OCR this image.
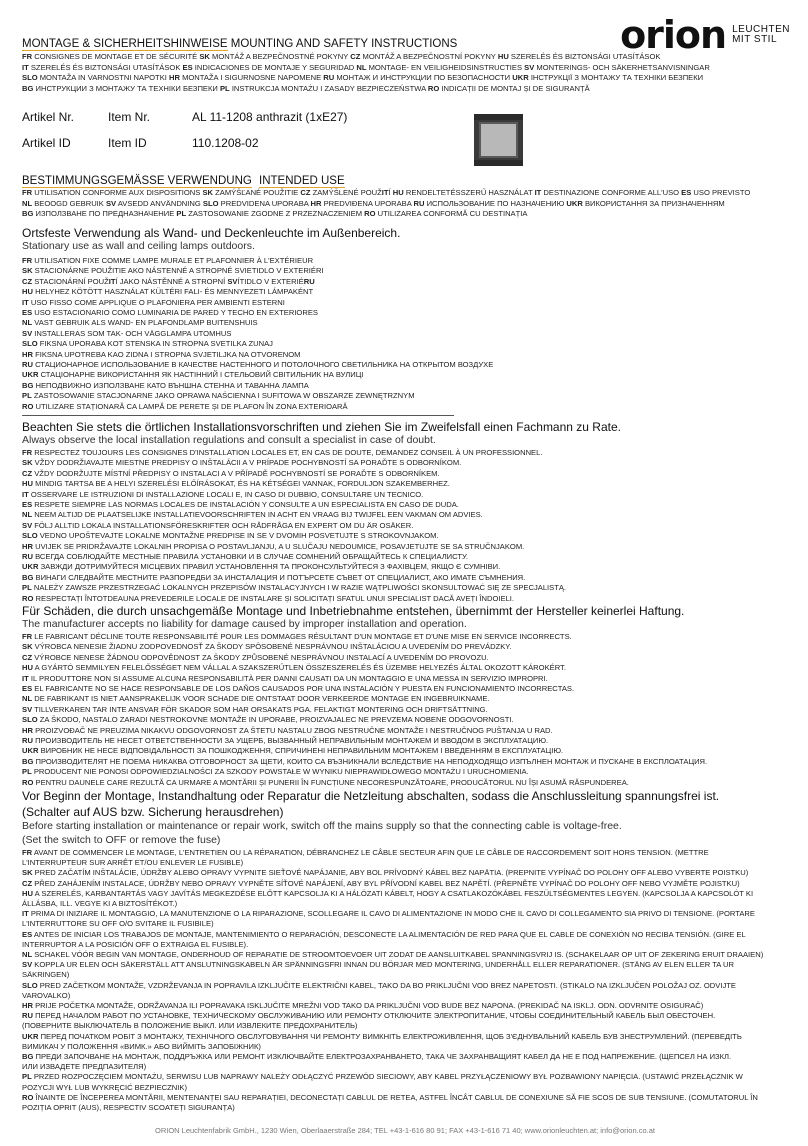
orion LEUCHTEN
MIT STIL
MONTAGE & SICHERHEITSHINWEISE MOUNTING AND SAFETY INSTRUCTIONS
FR CONSIGNES DE MONTAGE ET DE SÉCURITÉ SK MONTÁŽ A BEZPEČNOSTNÉ POKYNY CZ MONTÁŽ A BEZPEČNOSTNÍ POKYNY HU SZERELÉS ÉS BIZTONSÁGI UTASÍTÁSOK
IT SZERELÉS ÉS BIZTONSÁGI UTASÍTÁSOK ES INDICACIONES DE MONTAJE Y SEGURIDAD NL MONTAGE- EN VEILIGHEIDSINSTRUCTIES SV MONTERINGS- OCH SÄKERHETSANVISNINGAR
SLO MONTAŽA IN VARNOSTNI NAPOTKI HR MONTAŽA I SIGURNOSNE NAPOMENE RU МОНТАЖ И ИНСТРУКЦИИ ПО БЕЗОПАСНОСТИ UKR ІНСТРУКЦІЇ З МОНТАЖУ ТА ТЕХНІКИ БЕЗПЕКИ
BG ИНСТРУКЦИИ З МОНТАЖУ ТА ТЕХНІКИ БЕЗПЕКИ PL INSTRUKCJA MONTAŻU I ZASADY BEZPIECZEŃSTWA RO INDICAȚII DE MONTAJ ȘI DE SIGURANȚĂ
Artikel Nr.	Item Nr.	AL 11-1208 anthrazit (1xE27)
Artikel ID	Item ID	110.1208-02
BESTIMMUNGSGEMÄSSE VERWENDUNG INTENDED USE
FR UTILISATION CONFORME AUX DISPOSITIONS SK ZAMÝŠĽANÉ POUŽITIE CZ ZAMÝŠLENÉ POUŽITÍ HU RENDELTETÉSSZERŰ HASZNÁLAT IT DESTINAZIONE CONFORME ALL'USO ES USO PREVISTO
NL BEOOGD GEBRUIK SV AVSEDD ANVÄNDNING SLO PREDVIDENA UPORABA HR PREDVIĐENA UPORABA RU ИСПОЛЬЗОВАНИЕ ПО НАЗНАЧЕНИЮ UKR ВИКОРИСТАННЯ ЗА ПРИЗНАЧЕННЯМ
BG ИЗПОЛЗВАНЕ ПО ПРЕДНАЗНАЧЕНИЕ PL ZASTOSOWANIE ZGODNE Z PRZEZNACZENIEM RO UTILIZAREA CONFORMĂ CU DESTINAȚIA
Ortsfeste Verwendung als Wand- und Deckenleuchte im Außenbereich.
Stationary use as wall and ceiling lamps outdoors.
FR UTILISATION FIXE COMME LAMPE MURALE ET PLAFONNIER À L'EXTÉRIEUR
SK STACIONÁRNE POUŽITIE AKO NÁSTENNÉ A STROPNÉ SVIETIDLO V EXTERIÉRI
CZ STACIONÁRNÍ POUŽITÍ JAKO NÁSTĚNNÉ A STROPNÍ SVÍTIDLO V EXTERIÉRU
HU HELYHEZ KÖTÖTT HASZNÁLAT KÜLTÉRI FALI- ÉS MENNYEZETI LÁMPAKÉNT
IT USO FISSO COME APPLIQUE O PLAFONIERA PER AMBIENTI ESTERNI
ES USO ESTACIONARIO COMO LUMINARIA DE PARED Y TECHO EN EXTERIORES
NL VAST GEBRUIK ALS WAND- EN PLAFONDLAMP BUITENSHUIS
SV INSTALLERAS SOM TAK- OCH VÄGGLAMPA UTOMHUS
SLO FIKSNA UPORABA KOT STENSKA IN STROPNA SVETILKA ZUNAJ
HR FIKSNA UPOTREBA KAO ZIDNA I STROPNA SVJETILJKA NA OTVORENOM
RU СТАЦИОНАРНОЕ ИСПОЛЬЗОВАНИЕ В КАЧЕСТВЕ НАСТЕННОГО И ПОТОЛОЧНОГО СВЕТИЛЬНИКА НА ОТКРЫТОМ ВОЗДУХЕ
UKR СТАЦІОНАРНЕ ВИКОРИСТАННЯ ЯК НАСТІННИЙ І СТЕЛЬОВИЙ СВІТИЛЬНИК НА ВУЛИЦІ
BG НЕПОДВИЖНО ИЗПОЛЗВАНЕ КАТО ВЪНШНА СТЕННА И ТАВАННА ЛАМПА
PL ZASTOSOWANIE STACJONARNE JAKO OPRAWA NAŚCIENNA I SUFITOWA W OBSZARZE ZEWNĘTRZNYM
RO UTILIZARE STAȚIONARĂ CA LAMPĂ DE PERETE ȘI DE PLAFON ÎN ZONA EXTERIOARĂ
Beachten Sie stets die örtlichen Installationsvorschriften und ziehen Sie im Zweifelsfall einen Fachmann zu Rate.
Always observe the local installation regulations and consult a specialist in case of doubt.
FR RESPECTEZ TOUJOURS LES CONSIGNES D'INSTALLATION LOCALES ET, EN CAS DE DOUTE, DEMANDEZ CONSEIL À UN PROFESSIONNEL.
SK VŽDY DODRŽIAVAJTE MIESTNE PREDPISY O INŠTALÁCII A V PRÍPADE POCHYBNOSTÍ SA PORAĎTE S ODBORNÍKOM.
CZ VŽDY DODRŽUJTE MÍSTNÍ PŘEDPISY O INSTALACI A V PŘÍPADĚ POCHYBNOSTÍ SE PORAĎTE S ODBORNÍKEM.
HU MINDIG TARTSA BE A HELYI SZERELÉSI ELŐÍRÁSOKAT, ÉS HA KÉTSÉGEI VANNAK, FORDULJON SZAKEMBERHEZ.
IT OSSERVARE LE ISTRUZIONI DI INSTALLAZIONE LOCALI E, IN CASO DI DUBBIO, CONSULTARE UN TECNICO.
ES RESPETE SIEMPRE LAS NORMAS LOCALES DE INSTALACIÓN Y CONSULTE A UN ESPECIALISTA EN CASO DE DUDA.
NL NEEM ALTIJD DE PLAATSELIJKE INSTALLATIEVOORSCHRIFTEN IN ACHT EN VRAAG BIJ TWIJFEL EEN VAKMAN OM ADVIES.
SV FÖLJ ALLTID LOKALA INSTALLATIONSFÖRESKRIFTER OCH RÅDFRÅGA EN EXPERT OM DU ÄR OSÄKER.
SLO VEDNO UPOŠTEVAJTE LOKALNE MONTAŽNE PREDPISE IN SE V DVOMIH POSVETUJTE S STROKOVNJAKOM.
HR UVIJEK SE PRIDRŽAVAJTE LOKALNIH PROPISA O POSTAVLJANJU, A U SLUČAJU NEDOUMICE, POSAVJETUJTE SE SA STRUČNJAKOM.
RU ВСЕГДА СОБЛЮДАЙТЕ МЕСТНЫЕ ПРАВИЛА УСТАНОВКИ И В СЛУЧАЕ СОМНЕНИЙ ОБРАЩАЙТЕСЬ К СПЕЦИАЛИСТУ.
UKR ЗАВЖДИ ДОТРИМУЙТЕСЯ МІСЦЕВИХ ПРАВИЛ УСТАНОВЛЕННЯ ТА ПРОКОНСУЛЬТУЙТЕСЯ З ФАХІВЦЕМ, ЯКЩО Є СУМНІВИ.
BG ВИНАГИ СЛЕДВАЙТЕ МЕСТНИТЕ РАЗПОРЕДБИ ЗА ИНСТАЛАЦИЯ И ПОТЪРСЕТЕ СЪВЕТ ОТ СПЕЦИАЛИСТ, АКО ИМАТЕ СЪМНЕНИЯ.
PL NALEŻY ZAWSZE PRZESTRZEGAĆ LOKALNYCH PRZEPISÓW INSTALACYJNYCH I W RAZIE WĄTPLIWOŚCI SKONSULTOWAĆ SIĘ ZE SPECJALISTĄ.
RO RESPECTAȚI ÎNTOTDEAUNA PREVEDERILE LOCALE DE INSTALARE ȘI SOLICITAȚI SFATUL UNUI SPECIALIST DACĂ AVEȚI ÎNDOIELI.
Für Schäden, die durch unsachgemäße Montage und Inbetriebnahme entstehen, übernimmt der Hersteller keinerlei Haftung.
The manufacturer accepts no liability for damage caused by improper installation and operation.
FR LE FABRICANT DÉCLINE TOUTE RESPONSABILITÉ POUR LES DOMMAGES RÉSULTANT D'UN MONTAGE ET D'UNE MISE EN SERVICE INCORRECTS.
SK VÝROBCA NENESIE ŽIADNU ZODPOVEDNOSŤ ZA ŠKODY SPÔSOBENÉ NESPRÁVNOU INŠTALÁCIOU A UVEDENÍM DO PREVÁDZKY.
CZ VÝROBCE NENESE ŽÁDNOU ODPOVĚDNOST ZA ŠKODY ZPŮSOBENÉ NESPRÁVNOU INSTALACÍ A UVEDENÍM DO PROVOZU.
HU A GYÁRTÓ SEMMILYEN FELELŐSSÉGET NEM VÁLLAL A SZAKSZERŰTLEN ÖSSZESZERELÉS ÉS ÜZEMBE HELYEZÉS ÁLTAL OKOZOTT KÁROKÉRT.
IT IL PRODUTTORE NON SI ASSUME ALCUNA RESPONSABILITÀ PER DANNI CAUSATI DA UN MONTAGGIO E UNA MESSA IN SERVIZIO IMPROPRI.
ES EL FABRICANTE NO SE HACE RESPONSABLE DE LOS DAÑOS CAUSADOS POR UNA INSTALACIÓN Y PUESTA EN FUNCIONAMIENTO INCORRECTAS.
NL DE FABRIKANT IS NIET AANSPRAKELIJK VOOR SCHADE DIE ONTSTAAT DOOR VERKEERDE MONTAGE EN INGEBRUIKNAME.
SV TILLVERKAREN TAR INTE ANSVAR FÖR SKADOR SOM HAR ORSAKATS PGA. FELAKTIGT MONTERING OCH DRIFTSÄTTNING.
SLO ZA ŠKODO, NASTALO ZARADI NESTROKOVNE MONTAŽE IN UPORABE, PROIZVAJALEC NE PREVZEMA NOBENE ODGOVORNOSTI.
HR PROIZVOĐAČ NE PREUZIMA NIKAKVU ODGOVORNOST ZA ŠTETU NASTALU ZBOG NESTRUČNE MONTAŽE I NESTRUČNOG PUŠTANJA U RAD.
RU ПРОИЗВОДИТЕЛЬ НЕ НЕСЕТ ОТВЕТСТВЕННОСТИ ЗА УЩЕРБ, ВЫЗВАННЫЙ НЕПРАВИЛЬНЫМ МОНТАЖЕМ И ВВОДОМ В ЭКСПЛУАТАЦИЮ.
UKR ВИРОБНИК НЕ НЕСЕ ВІДПОВІДАЛЬНОСТІ ЗА ПОШКОДЖЕННЯ, СПРИЧИНЕНІ НЕПРАВИЛЬНИМ МОНТАЖЕМ І ВВЕДЕННЯМ В ЕКСПЛУАТАЦІЮ.
BG ПРОИЗВОДИТЕЛЯТ НЕ ПОЕМА НИКАКВА ОТГОВОРНОСТ ЗА ЩЕТИ, КОИТО СА ВЪЗНИКНАЛИ ВСЛЕДСТВИЕ НА НЕПОДХОДЯЩО ИЗПЪЛНЕН МОНТАЖ И ПУСКАНЕ В ЕКСПЛОАТАЦИЯ.
PL PRODUCENT NIE PONOSI ODPOWIEDZIALNOŚCI ZA SZKODY POWSTAŁE W WYNIKU NIEPRAWIDŁOWEGO MONTAŻU I URUCHOMIENIA.
RO PENTRU DAUNELE CARE REZULTĂ CA URMARE A MONTĂRII ȘI PUNERII ÎN FUNCȚIUNE NECORESPUNZĂTOARE, PRODUCĂTORUL NU ÎȘI ASUMĂ RĂSPUNDEREA.
Vor Beginn der Montage, Instandhaltung oder Reparatur die Netzleitung abschalten, sodass die Anschlussleitung spannungsfrei ist.
(Schalter auf AUS bzw. Sicherung herausdrehen)
Before starting installation or maintenance or repair work, switch off the mains supply so that the connecting cable is voltage-free.
(Set the switch to OFF or remove the fuse)
FR AVANT DE COMMENCER LE MONTAGE, L'ENTRETIEN OU LA RÉPARATION, DÉBRANCHEZ LE CÂBLE SECTEUR AFIN QUE LE CÂBLE DE RACCORDEMENT SOIT HORS TENSION. (METTRE
L'INTERRUPTEUR SUR ARRÊT ET/OU ENLEVER LE FUSIBLE)
SK PRED ZAČATÍM INŠTALÁCIE, ÚDRŽBY ALEBO OPRAVY VYPNITE SIEŤOVÉ NAPÁJANIE, ABY BOL PRÍVODNÝ KÁBEL BEZ NAPÄTIA. (PREPNITE VYPÍNAČ DO POLOHY OFF ALEBO VYBERTE POISTKU)
CZ PŘED ZAHÁJENÍM INSTALACE, ÚDRŽBY NEBO OPRAVY VYPNĚTE SÍŤOVÉ NAPÁJENÍ, ABY BYL PŘÍVODNÍ KABEL BEZ NAPĚTÍ. (PŘEPNĚTE VYPÍNAČ DO POLOHY OFF NEBO VYJMĚTE POJISTKU)
HU A SZERELÉS, KARBANTARTÁS VAGY JAVÍTÁS MEGKEZDÉSE ELŐTT KAPCSOLJA KI A HÁLÓZATI KÁBELT, HOGY A CSATLAKOZÓKÁBEL FESZÜLTSÉGMENTES LEGYEN. (KAPCSOLJA A KAPCSOLÓT KI
ÁLLÁSBA, ILL. VEGYE KI A BIZTOSÍTÉKOT.)
IT PRIMA DI INIZIARE IL MONTAGGIO, LA MANUTENZIONE O LA RIPARAZIONE, SCOLLEGARE IL CAVO DI ALIMENTAZIONE IN MODO CHE IL CAVO DI COLLEGAMENTO SIA PRIVO DI TENSIONE. (PORTARE
L'INTERRUTTORE SU OFF O/O SVITARE IL FUSIBILE)
ES ANTES DE INICIAR LOS TRABAJOS DE MONTAJE, MANTENIMIENTO O REPARACIÓN, DESCONECTE LA ALIMENTACIÓN DE RED PARA QUE EL CABLE DE CONEXIÓN NO RECIBA TENSIÓN. (GIRE EL
INTERRUPTOR A LA POSICIÓN OFF O EXTRAIGA EL FUSIBLE).
NL SCHAKEL VÓÓR BEGIN VAN MONTAGE, ONDERHOUD OF REPARATIE DE STROOMTOEVOER UIT ZODAT DE AANSLUITKABEL SPANNINGSVRIJ IS. (SCHAKELAAR OP UIT OF ZEKERING ERUIT DRAAIEN)
SV KOPPLA UR ELEN OCH SÄKERSTÄLL ATT ANSLUTNINGSKABELN ÄR SPÄNNINGSFRI INNAN DU BÖRJAR MED MONTERING, UNDERHÅLL ELLER REPARATIONER. (STÄNG AV ELEN ELLER TA UR
SÄKRINGEN)
SLO PRED ZAČETKOM MONTAŽE, VZDRŽEVANJA IN POPRAVILA IZKLJUČITE ELEKTRIČNI KABEL, TAKO DA BO PRIKLJUČNI VOD BREZ NAPETOSTI. (STIKALO NA IZKLJUČEN POLOŽAJ OZ. ODVIJTE
VAROVALKO)
HR PRIJE POČETKA MONTAŽE, ODRŽAVANJA ILI POPRAVAKA ISKLJUČITE MREŽNI VOD TAKO DA PRIKLJUČNI VOD BUDE BEZ NAPONA. (PREKIDAČ NA ISKLJ. ODN. ODVRNITE OSIGURAČ)
RU ПЕРЕД НАЧАЛОМ РАБОТ ПО УСТАНОВКЕ, ТЕХНИЧЕСКОМУ ОБСЛУЖИВАНИЮ ИЛИ РЕМОНТУ ОТКЛЮЧИТЕ ЭЛЕКТРОПИТАНИЕ, ЧТОБЫ СОЕДИНИТЕЛЬНЫЙ КАБЕЛЬ БЫЛ ОБЕСТОЧЕН.
(ПОВЕРНИТЕ ВЫКЛЮЧАТЕЛЬ В ПОЛОЖЕНИЕ ВЫКЛ. ИЛИ ИЗВЛЕКИТЕ ПРЕДОХРАНИТЕЛЬ)
UKR ПЕРЕД ПОЧАТКОМ РОБІТ З МОНТАЖУ, ТЕХНІЧНОГО ОБСЛУГОВУВАННЯ ЧИ РЕМОНТУ ВИМКНІТЬ ЕЛЕКТРОЖИВЛЕННЯ, ЩОБ З'ЄДНУВАЛЬНИЙ КАБЕЛЬ БУВ ЗНЕСТРУМЛЕНИЙ. (ПЕРЕВЕДІТЬ
ВИМИКАЧ У ПОЛОЖЕННЯ «ВИМК.» АБО ВИЙМІТЬ ЗАПОБІЖНИК)
BG ПРЕДИ ЗАПОЧВАНЕ НА МОНТАЖ, ПОДДРЪЖКА ИЛИ РЕМОНТ ИЗКЛЮЧВАЙТЕ ЕЛЕКТРОЗАХРАНВАНЕТО, ТАКА ЧЕ ЗАХРАНВАЩИЯТ КАБЕЛ ДА НЕ Е ПОД НАПРЕЖЕНИЕ. (ЩЕПСЕЛ НА ИЗКЛ.
ИЛИ ИЗВАДЕТЕ ПРЕДПАЗИТЕЛЯ)
PL PRZED ROZPOCZĘCIEM MONTAŻU, SERWISU LUB NAPRAWY NALEŻY ODŁĄCZYĆ PRZEWÓD SIECIOWY, ABY KABEL PRZYŁĄCZENIOWY BYŁ POZBAWIONY NAPIĘCIA. (USTAWIĆ PRZEŁĄCZNIK W
POZYCJI WYŁ LUB WYKRĘCIĆ BEZPIECZNIK)
RO ÎNAINTE DE ÎNCEPEREA MONTĂRII, MENTENANȚEI SAU REPARAȚIEI, DECONECTAȚI CABLUL DE RETEA, ASTFEL ÎNCÂT CABLUL DE CONEXIUNE SĂ FIE SCOS DE SUB TENSIUNE. (COMUTATORUL ÎN
POZIȚIA OPRIT (AUS), RESPECTIV SCOATEȚI SIGURANȚA)
ORION Leuchtenfabrik GmbH., 1230 Wien, Oberlaaerstraße 284; TEL +43-1-616 80 91; FAX +43-1-616 71 40; www.orionleuchten.at; info@orion.co.at
